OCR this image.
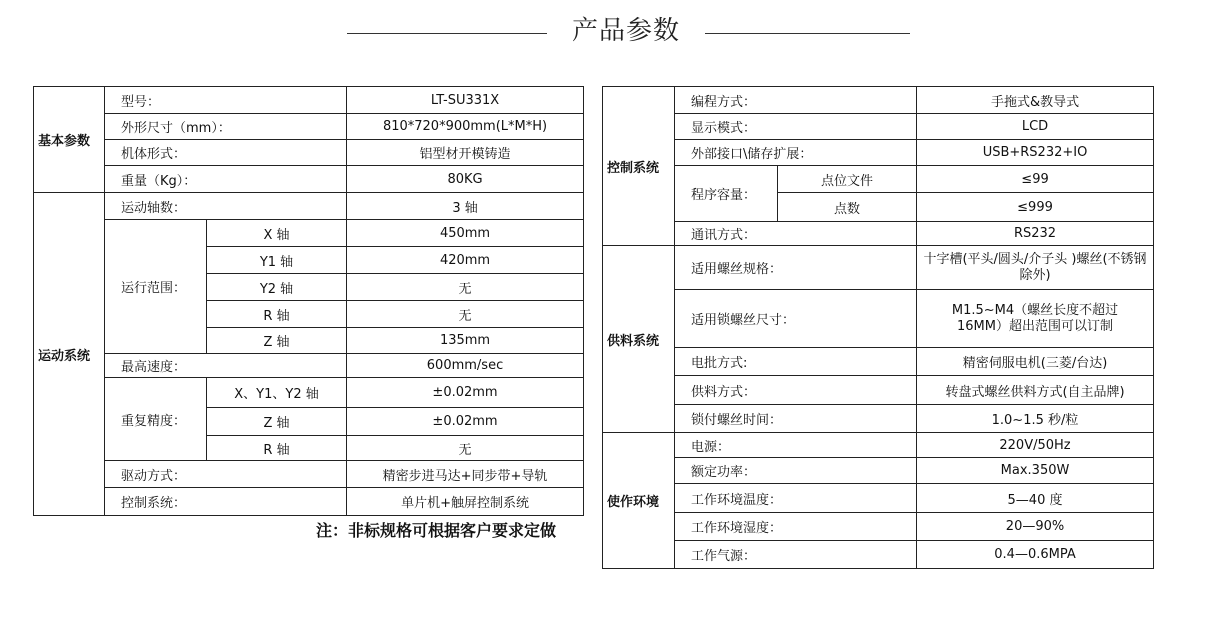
产品参数
基本参数	型号：		LT-SU331X
	外形尺寸（mm）：		810*720*900mm(L*M*H)
	机体形式：		铝型材开模铸造
	重量（Kg）：		80KG
运动系统	运动轴数：		3 轴
	运行范围：	X 轴	450mm
		Y1 轴	420mm
		Y2 轴	无
		R 轴	无
		Z 轴	135mm
	最高速度：		600mm/sec
	重复精度：	X、Y1、Y2 轴	±0.02mm
		Z 轴	±0.02mm
		R 轴	无
	驱动方式：		精密步进马达+同步带+导轨
	控制系统：		单片机+触屏控制系统
注：非标规格可根据客户要求定做
控制系统	编程方式：		手拖式&教导式
	显示模式：		LCD
	外部接口\储存扩展：		USB+RS232+IO
	程序容量：	点位文件	≤99
		点数	≤999
	通讯方式：		RS232
供料系统	适用螺丝规格：		十字槽(平头/圆头/介子头 )螺丝(不锈钢除外)
	适用锁螺丝尺寸：		M1.5~M4（螺丝长度不超过16MM）超出范围可以订制
	电批方式:		精密伺服电机(三菱/台达)
	供料方式：		转盘式螺丝供料方式(自主品牌)
	锁付螺丝时间：		1.0~1.5 秒/粒
使作环境	电源：		220V/50Hz
	额定功率：		Max.350W
	工作环境温度：		5—40 度
	工作环境湿度：		20—90%
	工作气源：		0.4—0.6MPA
